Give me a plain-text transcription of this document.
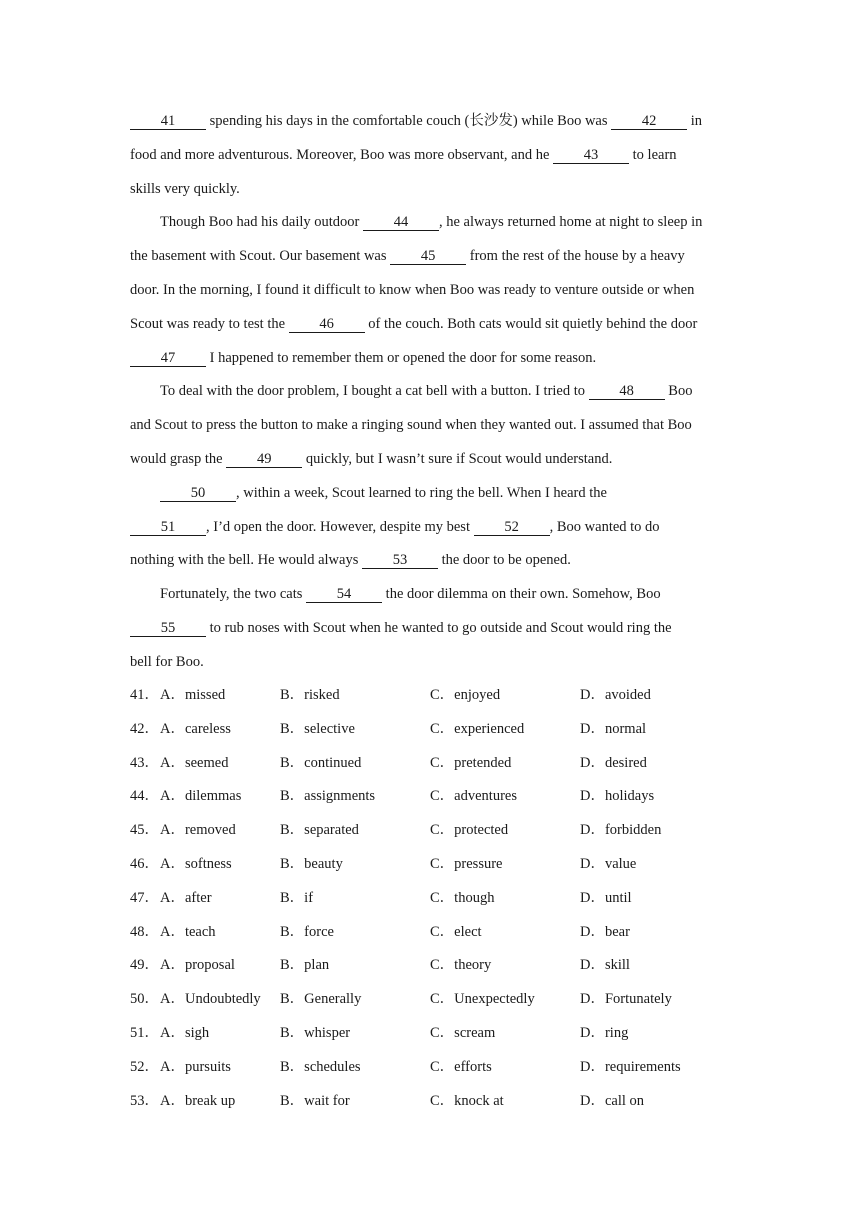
41 spending his days in the comfortable couch (长沙发) while Boo was 42 in
food and more adventurous. Moreover, Boo was more observant, and he 43 to learn
skills very quickly.
Though Boo had his daily outdoor 44 , he always returned home at night to sleep in
the basement with Scout. Our basement was 45 from the rest of the house by a heavy
door. In the morning, I found it difficult to know when Boo was ready to venture outside or when
Scout was ready to test the 46 of the couch. Both cats would sit quietly behind the door
47 I happened to remember them or opened the door for some reason.
To deal with the door problem, I bought a cat bell with a button. I tried to 48 Boo
and Scout to press the button to make a ringing sound when they wanted out. I assumed that Boo
would grasp the 49 quickly, but I wasn’t sure if Scout would understand.
50 , within a week, Scout learned to ring the bell. When I heard the
51 , I’d open the door. However, despite my best 52 , Boo wanted to do
nothing with the bell. He would always 53 the door to be opened.
Fortunately, the two cats 54 the door dilemma on their own. Somehow, Boo
55 to rub noses with Scout when he wanted to go outside and Scout would ring the
bell for Boo.
41． A．missed	B．risked	C．enjoyed	D．avoided
42． A．careless	B．selective	C．experienced	D．normal
43． A．seemed	B．continued	C．pretended	D．desired
44． A．dilemmas	B．assignments	C．adventures	D．holidays
45． A．removed	B．separated	C．protected	D．forbidden
46． A．softness	B．beauty	C．pressure	D．value
47． A．after	B．if	C．though	D．until
48． A．teach	B．force	C．elect	D．bear
49． A．proposal	B．plan	C．theory	D．skill
50． A．Undoubtedly B．Generally	C．Unexpectedly	D．Fortunately
51． A．sigh	B．whisper	C．scream	D．ring
52． A．pursuits	B．schedules	C．efforts	D．requirements
53． A．break up	B．wait for	C．knock at	D．call on
